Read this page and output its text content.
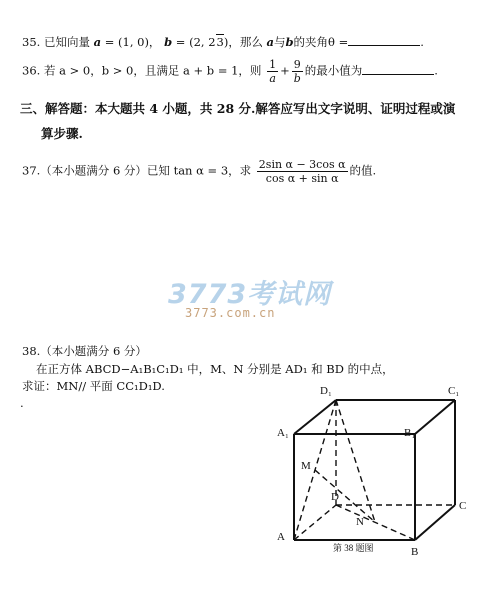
35. 已知向量 a = (1, 0)， b = (2, 23)，那么 a与b的夹角θ =	.
36. 若 a > 0，b > 0，且满足 a + b = 1，则 $\frac{1}{a} + \frac{9}{b}$ 的最小值为	.
三、解答题：本大题共 4 小题，共 28 分.解答应写出文字说明、证明过程或演
算步骤.
37.（本小题满分 6 分）已知 tan α = 3，求 $\frac{\text{2sin α − 3cos α}}{\text{cos α + sin α}}$ 的值.
3773考试网
3773.com.cn
38.（本小题满分 6 分）
在正方体 ABCD−A₁B₁C₁D₁ 中，M、N 分别是 AD₁ 和 BD 的中点，
求证：MN// 平面 CC₁D₁D.
.
D₁	C₁
A₁	B₁
M
D
N
C
A
B
第 38 题图
